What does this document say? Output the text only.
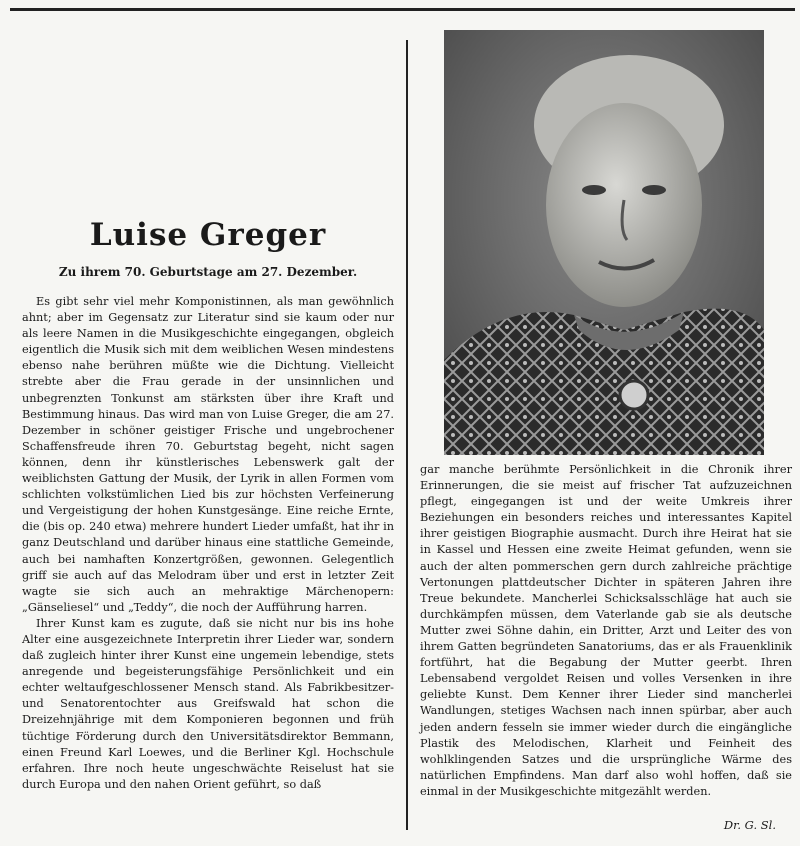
Luise Greger
Zu ihrem 70. Geburtstage am 27. Dezember.

Es gibt sehr viel mehr Komponistinnen, als man gewöhnlich ahnt; aber im Gegensatz zur Literatur sind sie kaum oder nur als leere Namen in die Musikgeschichte eingegangen, obgleich eigentlich die Musik sich mit dem weiblichen Wesen mindestens ebenso nahe berühren müßte wie die Dichtung. Vielleicht strebte aber die Frau gerade in der unsinnlichen und unbegrenzten Tonkunst am stärksten über ihre Kraft und Bestimmung hinaus. Das wird man von Luise Greger, die am 27. Dezember in schöner geistiger Frische und ungebrochener Schaffensfreude ihren 70. Geburtstag begeht, nicht sagen können, denn ihr künstlerisches Lebenswerk galt der weiblichsten Gattung der Musik, der Lyrik in allen Formen vom schlichten volkstümlichen Lied bis zur höchsten Verfeinerung und Vergeistigung der hohen Kunstgesänge. Eine reiche Ernte, die (bis op. 240 etwa) mehrere hundert Lieder umfaßt, hat ihr in ganz Deutschland und darüber hinaus eine stattliche Gemeinde, auch bei namhaften Konzertgrößen, gewonnen. Gelegentlich griff sie auch auf das Melodram über und erst in letzter Zeit wagte sie sich auch an mehraktige Märchenopern: „Gänseliesel“ und „Teddy“, die noch der Aufführung harren.

Ihrer Kunst kam es zugute, daß sie nicht nur bis ins hohe Alter eine ausgezeichnete Interpretin ihrer Lieder war, sondern daß zugleich hinter ihrer Kunst eine ungemein lebendige, stets anregende und begeisterungsfähige Persönlichkeit und ein echter weltaufgeschlossener Mensch stand. Als Fabrikbesitzer- und Senatorentochter aus Greifswald hat schon die Dreizehnjährige mit dem Komponieren begonnen und früh tüchtige Förderung durch den Universitätsdirektor Bemmann, einen Freund Karl Loewes, und die Berliner Kgl. Hochschule erfahren. Ihre noch heute ungeschwächte Reiselust hat sie durch Europa und den nahen Orient geführt, so daß

gar manche berühmte Persönlichkeit in die Chronik ihrer Erinnerungen, die sie meist auf frischer Tat aufzuzeichnen pflegt, eingegangen ist und der weite Umkreis ihrer Beziehungen ein besonders reiches und interessantes Kapitel ihrer geistigen Biographie ausmacht. Durch ihre Heirat hat sie in Kassel und Hessen eine zweite Heimat gefunden, wenn sie auch der alten pommerschen gern durch zahlreiche prächtige Vertonungen plattdeutscher Dichter in späteren Jahren ihre Treue bekundete. Mancherlei Schicksalsschläge hat auch sie durchkämpfen müssen, dem Vaterlande gab sie als deutsche Mutter zwei Söhne dahin, ein Dritter, Arzt und Leiter des von ihrem Gatten begründeten Sanatoriums, das er als Frauenklinik fortführt, hat die Begabung der Mutter geerbt. Ihren Lebensabend vergoldet Reisen und volles Versenken in ihre geliebte Kunst. Dem Kenner ihrer Lieder sind mancherlei Wandlungen, stetiges Wachsen nach innen spürbar, aber auch jeden andern fesseln sie immer wieder durch die eingängliche Plastik des Melodischen, Klarheit und Feinheit des wohlklingenden Satzes und die ursprüngliche Wärme des natürlichen Empfindens. Man darf also wohl hoffen, daß sie einmal in der Musikgeschichte mitgezählt werden.

Dr. G. Sl.
